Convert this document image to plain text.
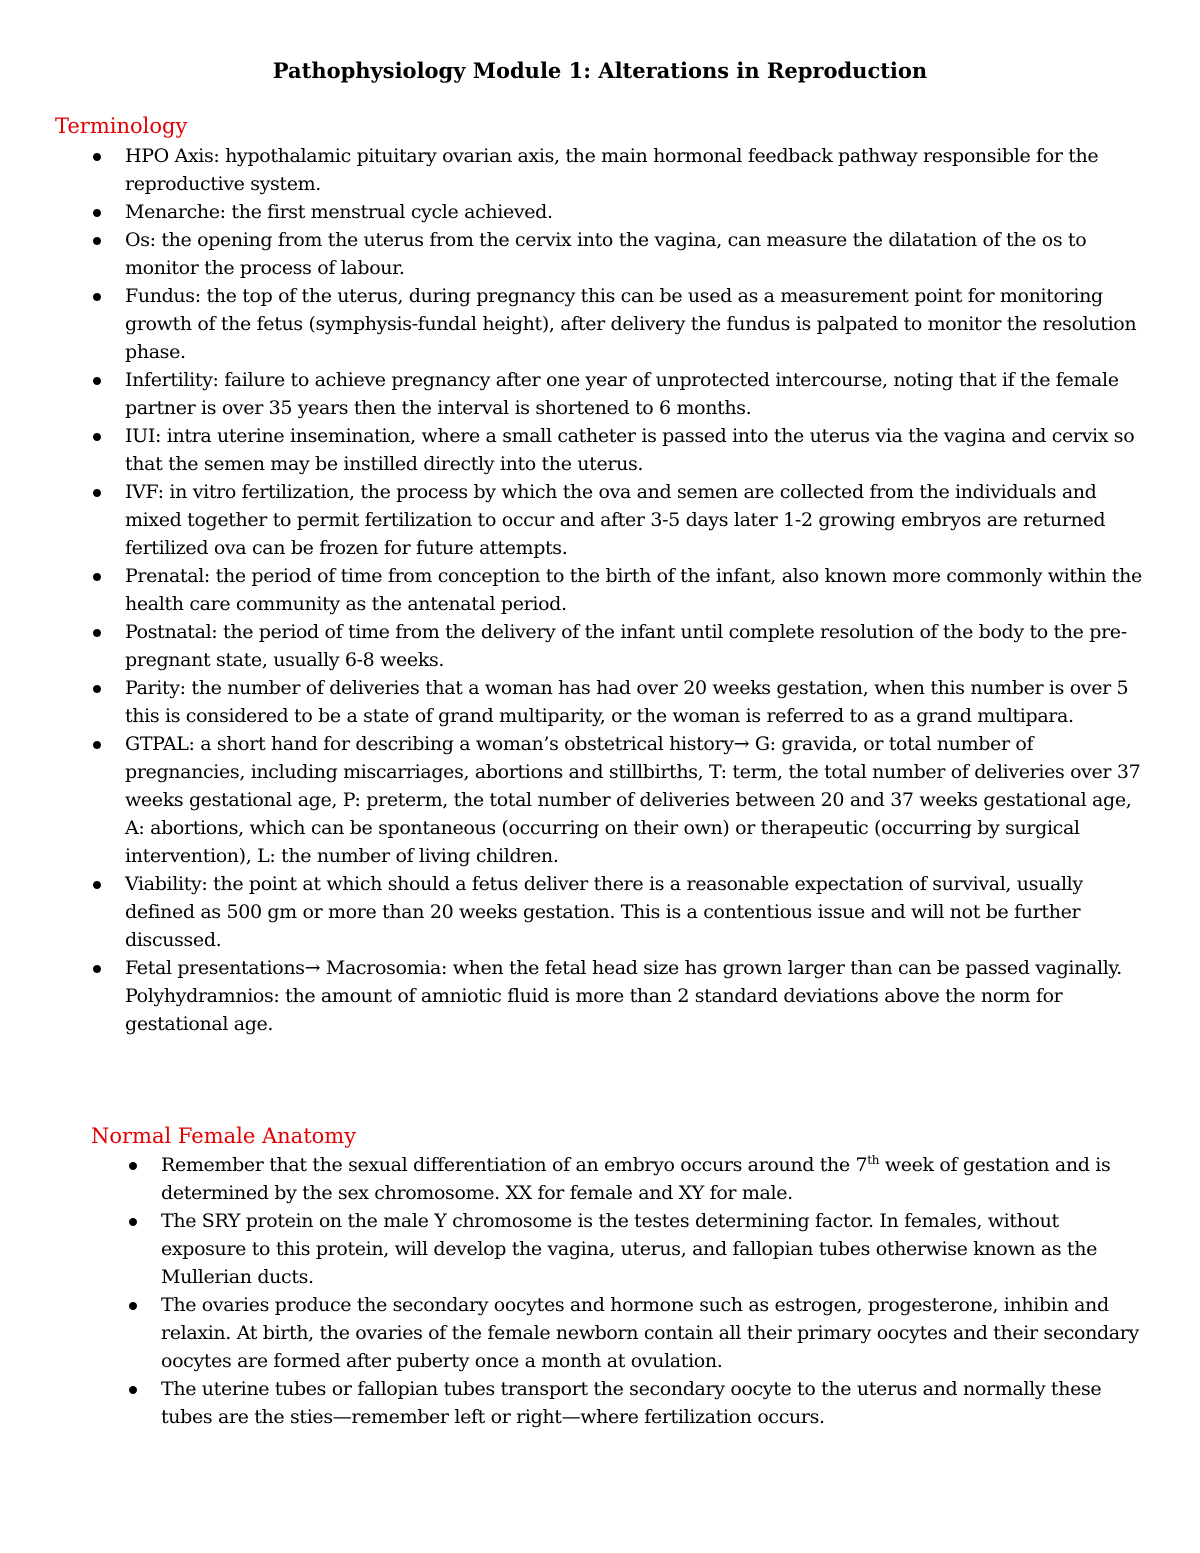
Pathophysiology Module 1: Alterations in Reproduction
Terminology
HPO Axis: hypothalamic pituitary ovarian axis, the main hormonal feedback pathway responsible for the reproductive system.
Menarche: the first menstrual cycle achieved.
Os: the opening from the uterus from the cervix into the vagina, can measure the dilatation of the os to monitor the process of labour.
Fundus: the top of the uterus, during pregnancy this can be used as a measurement point for monitoring growth of the fetus (symphysis-fundal height), after delivery the fundus is palpated to monitor the resolution phase.
Infertility: failure to achieve pregnancy after one year of unprotected intercourse, noting that if the female partner is over 35 years then the interval is shortened to 6 months.
IUI: intra uterine insemination, where a small catheter is passed into the uterus via the vagina and cervix so that the semen may be instilled directly into the uterus.
IVF: in vitro fertilization, the process by which the ova and semen are collected from the individuals and mixed together to permit fertilization to occur and after 3-5 days later 1-2 growing embryos are returned fertilized ova can be frozen for future attempts.
Prenatal: the period of time from conception to the birth of the infant, also known more commonly within the health care community as the antenatal period.
Postnatal: the period of time from the delivery of the infant until complete resolution of the body to the pre-pregnant state, usually 6-8 weeks.
Parity: the number of deliveries that a woman has had over 20 weeks gestation, when this number is over 5 this is considered to be a state of grand multiparity, or the woman is referred to as a grand multipara.
GTPAL: a short hand for describing a woman’s obstetrical history→ G: gravida, or total number of pregnancies, including miscarriages, abortions and stillbirths, T: term, the total number of deliveries over 37 weeks gestational age, P: preterm, the total number of deliveries between 20 and 37 weeks gestational age, A: abortions, which can be spontaneous (occurring on their own) or therapeutic (occurring by surgical intervention), L: the number of living children.
Viability: the point at which should a fetus deliver there is a reasonable expectation of survival, usually defined as 500 gm or more than 20 weeks gestation. This is a contentious issue and will not be further discussed.
Fetal presentations→ Macrosomia: when the fetal head size has grown larger than can be passed vaginally. Polyhydramnios: the amount of amniotic fluid is more than 2 standard deviations above the norm for gestational age.
Normal Female Anatomy
Remember that the sexual differentiation of an embryo occurs around the 7th week of gestation and is determined by the sex chromosome. XX for female and XY for male.
The SRY protein on the male Y chromosome is the testes determining factor. In females, without exposure to this protein, will develop the vagina, uterus, and fallopian tubes otherwise known as the Mullerian ducts.
The ovaries produce the secondary oocytes and hormone such as estrogen, progesterone, inhibin and relaxin. At birth, the ovaries of the female newborn contain all their primary oocytes and their secondary oocytes are formed after puberty once a month at ovulation.
The uterine tubes or fallopian tubes transport the secondary oocyte to the uterus and normally these tubes are the sties—remember left or right—where fertilization occurs.
